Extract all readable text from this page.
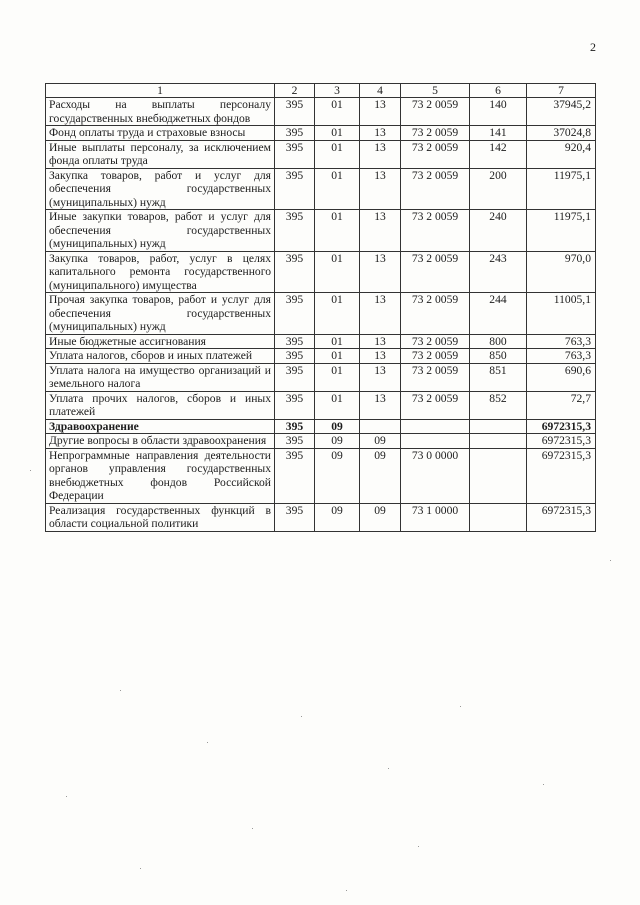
2
1	2	3	4	5	6	7
Расходы на выплаты персоналу государственных внебюджетных фондов	395	01	13	73 2 0059	140	37945,2
Фонд оплаты труда и страховые взносы	395	01	13	73 2 0059	141	37024,8
Иные выплаты персоналу, за исключением фонда оплаты труда	395	01	13	73 2 0059	142	920,4
Закупка товаров, работ и услуг для обеспечения государственных (муниципальных) нужд	395	01	13	73 2 0059	200	11975,1
Иные закупки товаров, работ и услуг для обеспечения государственных (муниципальных) нужд	395	01	13	73 2 0059	240	11975,1
Закупка товаров, работ, услуг в целях капитального ремонта государственного (муниципального) имущества	395	01	13	73 2 0059	243	970,0
Прочая закупка товаров, работ и услуг для обеспечения государственных (муниципальных) нужд	395	01	13	73 2 0059	244	11005,1
Иные бюджетные ассигнования	395	01	13	73 2 0059	800	763,3
Уплата налогов, сборов и иных платежей	395	01	13	73 2 0059	850	763,3
Уплата налога на имущество организаций и земельного налога	395	01	13	73 2 0059	851	690,6
Уплата прочих налогов, сборов и иных платежей	395	01	13	73 2 0059	852	72,7
Здравоохранение	395	09				6972315,3
Другие вопросы в области здравоохранения	395	09	09			6972315,3
Непрограммные направления деятельности органов управления государственных внебюджетных фондов Российской Федерации	395	09	09	73 0 0000		6972315,3
Реализация государственных функций в области социальной политики	395	09	09	73 1 0000		6972315,3
